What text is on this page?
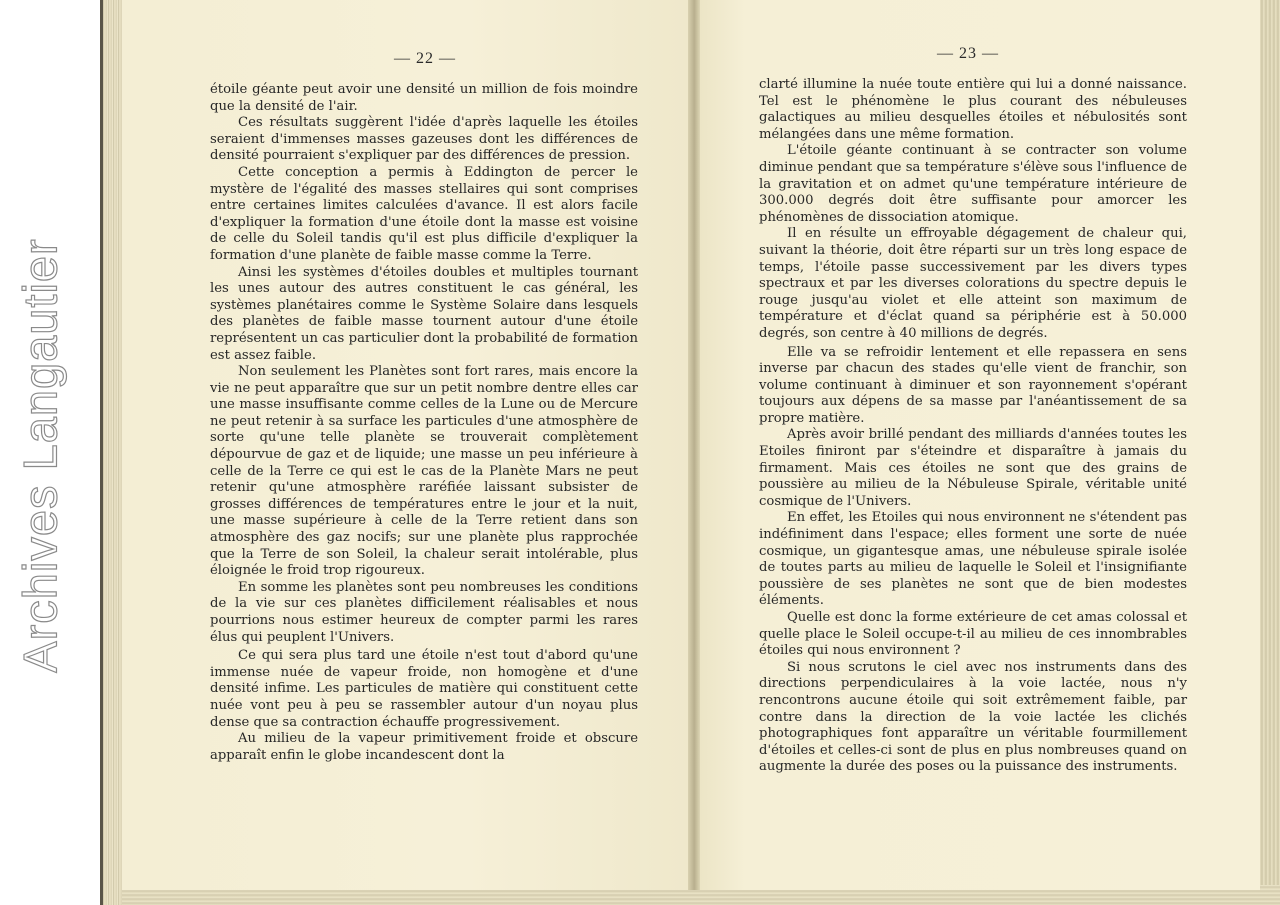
Archives Langautier
— 22 —

étoile géante peut avoir une densité un million de fois moindre que la densité de l'air.

Ces résultats suggèrent l'idée d'après laquelle les étoiles seraient d'immenses masses gazeuses dont les différences de densité pourraient s'expliquer par des différences de pression.

Cette conception a permis à Eddington de percer le mystère de l'égalité des masses stellaires qui sont comprises entre certaines limites calculées d'avance. Il est alors facile d'expliquer la formation d'une étoile dont la masse est voisine de celle du Soleil tandis qu'il est plus difficile d'expliquer la formation d'une planète de faible masse comme la Terre.

Ainsi les systèmes d'étoiles doubles et multiples tournant les unes autour des autres constituent le cas général, les systèmes planétaires comme le Système Solaire dans lesquels des planètes de faible masse tournent autour d'une étoile représentent un cas particulier dont la probabilité de formation est assez faible.

Non seulement les Planètes sont fort rares, mais encore la vie ne peut apparaître que sur un petit nombre dentre elles car une masse insuffisante comme celles de la Lune ou de Mercure ne peut retenir à sa surface les particules d'une atmosphère de sorte qu'une telle planète se trouverait complètement dépourvue de gaz et de liquide; une masse un peu inférieure à celle de la Terre ce qui est le cas de la Planète Mars ne peut retenir qu'une atmosphère raréfiée laissant subsister de grosses différences de températures entre le jour et la nuit, une masse supérieure à celle de la Terre retient dans son atmosphère des gaz nocifs; sur une planète plus rapprochée que la Terre de son Soleil, la chaleur serait intolérable, plus éloignée le froid trop rigoureux.

En somme les planètes sont peu nombreuses les conditions de la vie sur ces planètes difficilement réalisables et nous pourrions nous estimer heureux de compter parmi les rares élus qui peuplent l'Univers.

Ce qui sera plus tard une étoile n'est tout d'abord qu'une immense nuée de vapeur froide, non homogène et d'une densité infime. Les particules de matière qui constituent cette nuée vont peu à peu se rassembler autour d'un noyau plus dense que sa contraction échauffe progressivement.

Au milieu de la vapeur primitivement froide et obscure apparaît enfin le globe incandescent dont la

— 23 —

clarté illumine la nuée toute entière qui lui a donné naissance. Tel est le phénomène le plus courant des nébuleuses galactiques au milieu desquelles étoiles et nébulosités sont mélangées dans une même formation.

L'étoile géante continuant à se contracter son volume diminue pendant que sa température s'élève sous l'influence de la gravitation et on admet qu'une température intérieure de 300.000 degrés doit être suffisante pour amorcer les phénomènes de dissociation atomique.

Il en résulte un effroyable dégagement de chaleur qui, suivant la théorie, doit être réparti sur un très long espace de temps, l'étoile passe successivement par les divers types spectraux et par les diverses colorations du spectre depuis le rouge jusqu'au violet et elle atteint son maximum de température et d'éclat quand sa périphérie est à 50.000 degrés, son centre à 40 millions de degrés.

Elle va se refroidir lentement et elle repassera en sens inverse par chacun des stades qu'elle vient de franchir, son volume continuant à diminuer et son rayonnement s'opérant toujours aux dépens de sa masse par l'anéantissement de sa propre matière.

Après avoir brillé pendant des milliards d'années toutes les Etoiles finiront par s'éteindre et disparaître à jamais du firmament. Mais ces étoiles ne sont que des grains de poussière au milieu de la Nébuleuse Spirale, véritable unité cosmique de l'Univers.

En effet, les Etoiles qui nous environnent ne s'étendent pas indéfiniment dans l'espace; elles forment une sorte de nuée cosmique, un gigantesque amas, une nébuleuse spirale isolée de toutes parts au milieu de laquelle le Soleil et l'insignifiante poussière de ses planètes ne sont que de bien modestes éléments.

Quelle est donc la forme extérieure de cet amas colossal et quelle place le Soleil occupe-t-il au milieu de ces innombrables étoiles qui nous environnent ?

Si nous scrutons le ciel avec nos instruments dans des directions perpendiculaires à la voie lactée, nous n'y rencontrons aucune étoile qui soit extrêmement faible, par contre dans la direction de la voie lactée les clichés photographiques font apparaître un véritable fourmillement d'étoiles et celles-ci sont de plus en plus nombreuses quand on augmente la durée des poses ou la puissance des instruments.
